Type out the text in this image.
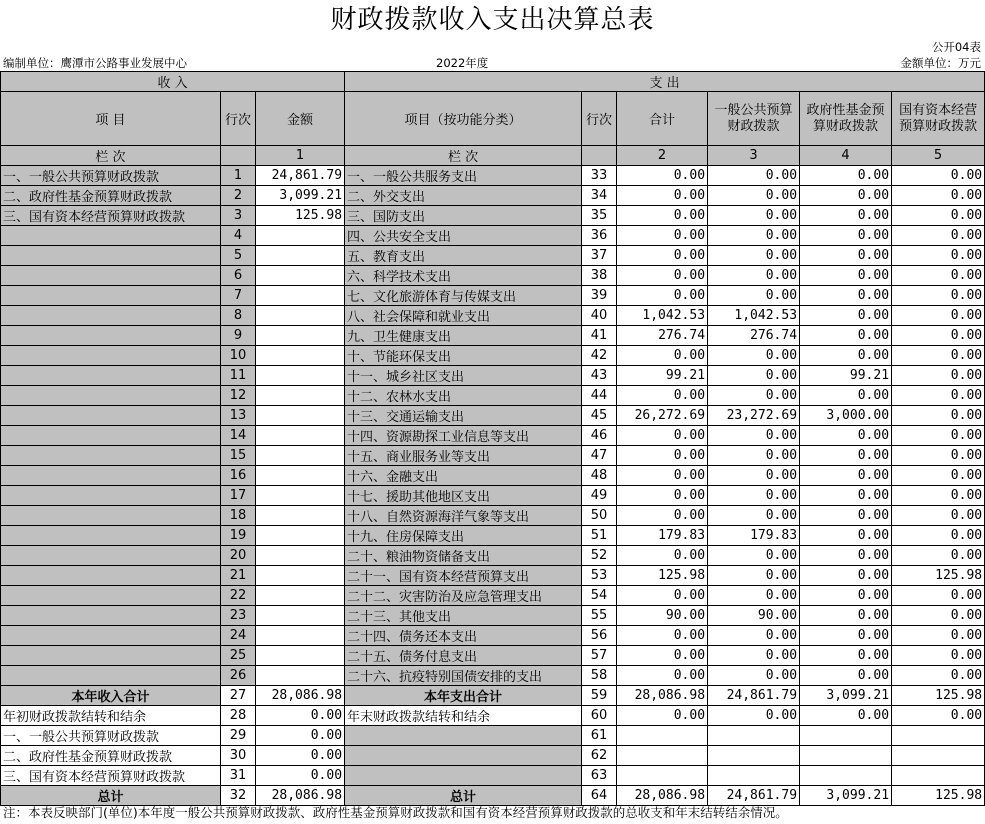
财政拨款收入支出决算总表
公开04表
编制单位：鹰潭市公路事业发展中心	2022年度	金额单位：万元
收 入			支 出					
项 目	行次	金额	项目（按功能分类）	行次	合计	一般公共预算财政拨款	政府性基金预算财政拨款	国有资本经营预算财政拨款
栏 次		1	栏 次		2	3	4	5
一、一般公共预算财政拨款	1	24,861.79	一、一般公共服务支出	33	0.00	0.00	0.00	0.00
二、政府性基金预算财政拨款	2	3,099.21	二、外交支出	34	0.00	0.00	0.00	0.00
三、国有资本经营预算财政拨款	3	125.98	三、国防支出	35	0.00	0.00	0.00	0.00
	4		四、公共安全支出	36	0.00	0.00	0.00	0.00
	5		五、教育支出	37	0.00	0.00	0.00	0.00
	6		六、科学技术支出	38	0.00	0.00	0.00	0.00
	7		七、文化旅游体育与传媒支出	39	0.00	0.00	0.00	0.00
	8		八、社会保障和就业支出	40	1,042.53	1,042.53	0.00	0.00
	9		九、卫生健康支出	41	276.74	276.74	0.00	0.00
	10		十、节能环保支出	42	0.00	0.00	0.00	0.00
	11		十一、城乡社区支出	43	99.21	0.00	99.21	0.00
	12		十二、农林水支出	44	0.00	0.00	0.00	0.00
	13		十三、交通运输支出	45	26,272.69	23,272.69	3,000.00	0.00
	14		十四、资源勘探工业信息等支出	46	0.00	0.00	0.00	0.00
	15		十五、商业服务业等支出	47	0.00	0.00	0.00	0.00
	16		十六、金融支出	48	0.00	0.00	0.00	0.00
	17		十七、援助其他地区支出	49	0.00	0.00	0.00	0.00
	18		十八、自然资源海洋气象等支出	50	0.00	0.00	0.00	0.00
	19		十九、住房保障支出	51	179.83	179.83	0.00	0.00
	20		二十、粮油物资储备支出	52	0.00	0.00	0.00	0.00
	21		二十一、国有资本经营预算支出	53	125.98	0.00	0.00	125.98
	22		二十二、灾害防治及应急管理支出	54	0.00	0.00	0.00	0.00
	23		二十三、其他支出	55	90.00	90.00	0.00	0.00
	24		二十四、债务还本支出	56	0.00	0.00	0.00	0.00
	25		二十五、债务付息支出	57	0.00	0.00	0.00	0.00
	26		二十六、抗疫特别国债安排的支出	58	0.00	0.00	0.00	0.00
本年收入合计	27	28,086.98	本年支出合计	59	28,086.98	24,861.79	3,099.21	125.98
年初财政拨款结转和结余	28	0.00	年末财政拨款结转和结余	60	0.00	0.00	0.00	0.00
一、一般公共预算财政拨款	29	0.00		61				
二、政府性基金预算财政拨款	30	0.00		62				
三、国有资本经营预算财政拨款	31	0.00		63				
总计	32	28,086.98	总计	64	28,086.98	24,861.79	3,099.21	125.98
注：本表反映部门(单位)本年度一般公共预算财政拨款、政府性基金预算财政拨款和国有资本经营预算财政拨款的总收支和年末结转结余情况。
